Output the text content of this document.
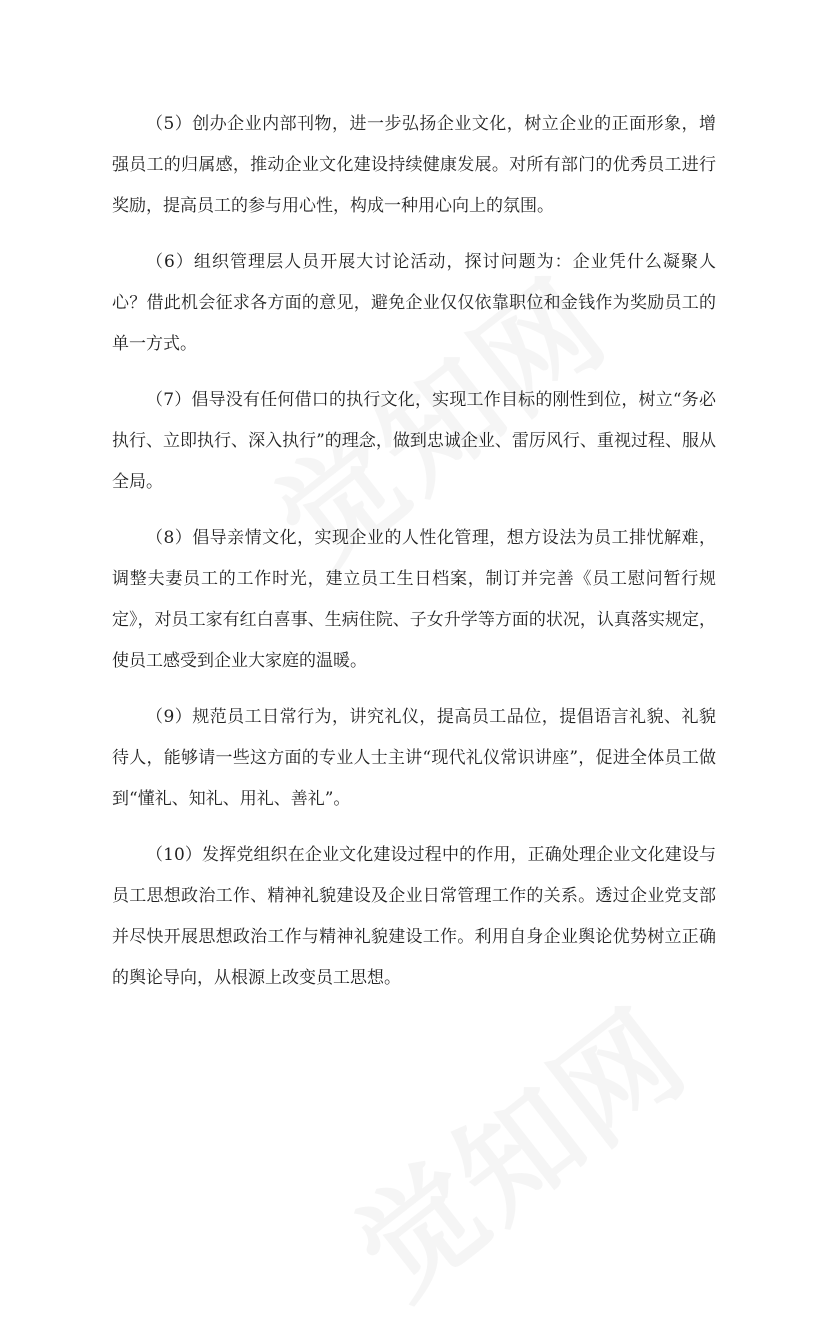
（5）创办企业内部刊物，进一步弘扬企业文化，树立企业的正面形象，增强员工的归属感，推动企业文化建设持续健康发展。对所有部门的优秀员工进行奖励，提高员工的参与用心性，构成一种用心向上的氛围。

（6）组织管理层人员开展大讨论活动，探讨问题为：企业凭什么凝聚人心？借此机会征求各方面的意见，避免企业仅仅依靠职位和金钱作为奖励员工的单一方式。

（7）倡导没有任何借口的执行文化，实现工作目标的刚性到位，树立“务必执行、立即执行、深入执行”的理念，做到忠诚企业、雷厉风行、重视过程、服从全局。

（8）倡导亲情文化，实现企业的人性化管理，想方设法为员工排忧解难，调整夫妻员工的工作时光，建立员工生日档案，制订并完善《员工慰问暂行规定》，对员工家有红白喜事、生病住院、子女升学等方面的状况，认真落实规定，使员工感受到企业大家庭的温暖。

（9）规范员工日常行为，讲究礼仪，提高员工品位，提倡语言礼貌、礼貌待人，能够请一些这方面的专业人士主讲“现代礼仪常识讲座”，促进全体员工做到“懂礼、知礼、用礼、善礼”。

（10）发挥党组织在企业文化建设过程中的作用，正确处理企业文化建设与员工思想政治工作、精神礼貌建设及企业日常管理工作的关系。透过企业党支部并尽快开展思想政治工作与精神礼貌建设工作。利用自身企业舆论优势树立正确的舆论导向，从根源上改变员工思想。
